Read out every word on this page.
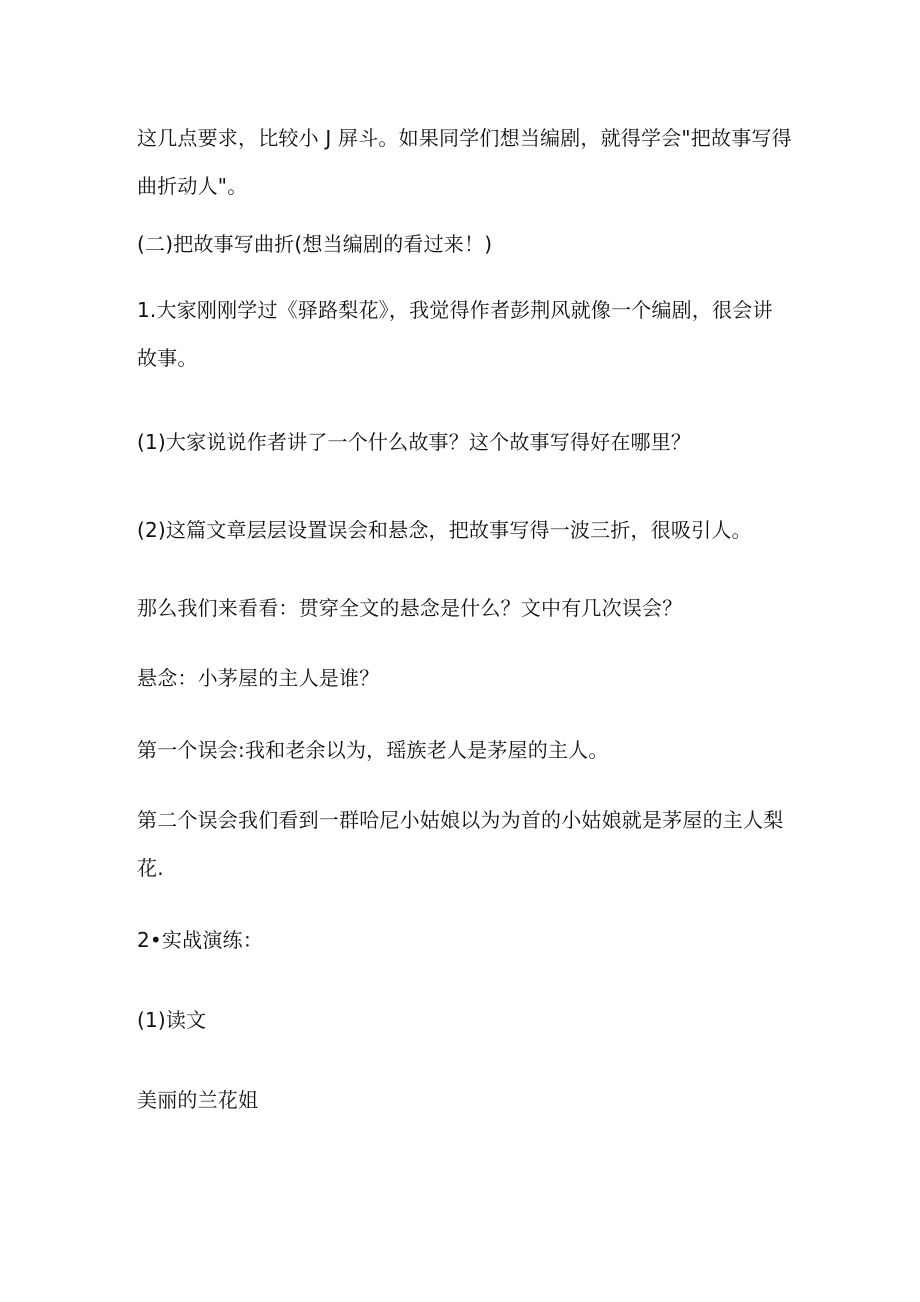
这几点要求，比较小 J 屏斗。如果同学们想当编剧，就得学会"把故事写得曲折动人"。

(二)把故事写曲折(想当编剧的看过来！)

1.大家刚刚学过《驿路梨花》，我觉得作者彭荆风就像一个编剧，很会讲故事。

(1)大家说说作者讲了一个什么故事？这个故事写得好在哪里？

(2)这篇文章层层设置误会和悬念，把故事写得一波三折，很吸引人。

那么我们来看看：贯穿全文的悬念是什么？文中有几次误会？

悬念：小茅屋的主人是谁？

第一个误会:我和老余以为，瑶族老人是茅屋的主人。

第二个误会我们看到一群哈尼小姑娘以为为首的小姑娘就是茅屋的主人梨花.

2•实战演练：

(1)读文

美丽的兰花姐
